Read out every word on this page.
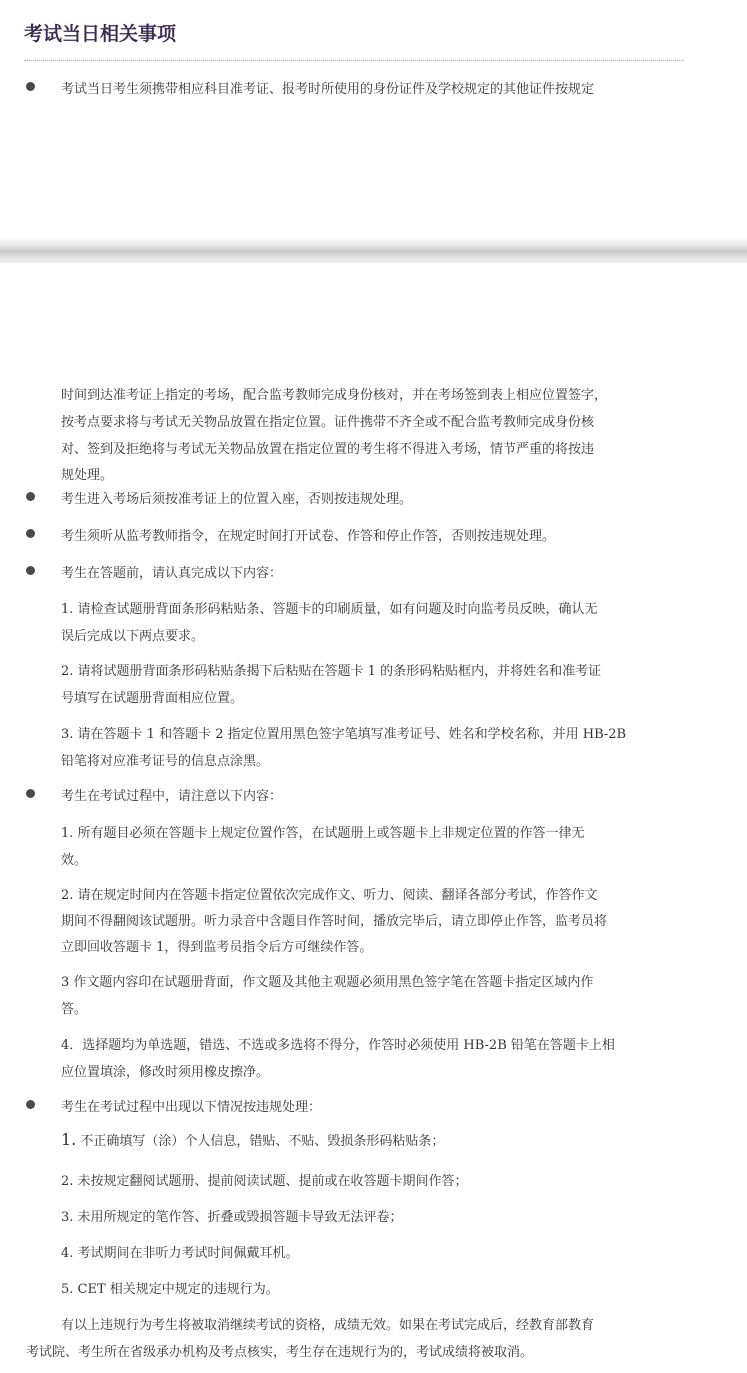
考试当日相关事项
考试当日考生须携带相应科目准考证、报考时所使用的身份证件及学校规定的其他证件按规定
时间到达准考证上指定的考场，配合监考教师完成身份核对，并在考场签到表上相应位置签字，
按考点要求将与考试无关物品放置在指定位置。证件携带不齐全或不配合监考教师完成身份核
对、签到及拒绝将与考试无关物品放置在指定位置的考生将不得进入考场，情节严重的将按违
规处理。
考生进入考场后须按准考证上的位置入座，否则按违规处理。
考生须听从监考教师指令，在规定时间打开试卷、作答和停止作答，否则按违规处理。
考生在答题前，请认真完成以下内容：
1. 请检查试题册背面条形码粘贴条、答题卡的印刷质量，如有问题及时向监考员反映，确认无
误后完成以下两点要求。
2. 请将试题册背面条形码粘贴条揭下后粘贴在答题卡 1 的条形码粘贴框内，并将姓名和准考证
号填写在试题册背面相应位置。
3. 请在答题卡 1 和答题卡 2 指定位置用黑色签字笔填写准考证号、姓名和学校名称，并用 HB-2B
铅笔将对应准考证号的信息点涂黑。
考生在考试过程中，请注意以下内容：
1. 所有题目必须在答题卡上规定位置作答，在试题册上或答题卡上非规定位置的作答一律无
效。
2. 请在规定时间内在答题卡指定位置依次完成作文、听力、阅读、翻译各部分考试，作答作文
期间不得翻阅该试题册。听力录音中含题目作答时间，播放完毕后，请立即停止作答，监考员将
立即回收答题卡 1，得到监考员指令后方可继续作答。
3 作文题内容印在试题册背面，作文题及其他主观题必须用黑色签字笔在答题卡指定区域内作
答。
4．选择题均为单选题，错选、不选或多选将不得分，作答时必须使用 HB-2B 铅笔在答题卡上相
应位置填涂，修改时须用橡皮擦净。
考生在考试过程中出现以下情况按违规处理：
1. 不正确填写（涂）个人信息，错贴、不贴、毁损条形码粘贴条；
2. 未按规定翻阅试题册、提前阅读试题、提前或在收答题卡期间作答；
3. 未用所规定的笔作答、折叠或毁损答题卡导致无法评卷；
4. 考试期间在非听力考试时间佩戴耳机。
5. CET 相关规定中规定的违规行为。
有以上违规行为考生将被取消继续考试的资格，成绩无效。如果在考试完成后，经教育部教育
考试院、考生所在省级承办机构及考点核实，考生存在违规行为的，考试成绩将被取消。
